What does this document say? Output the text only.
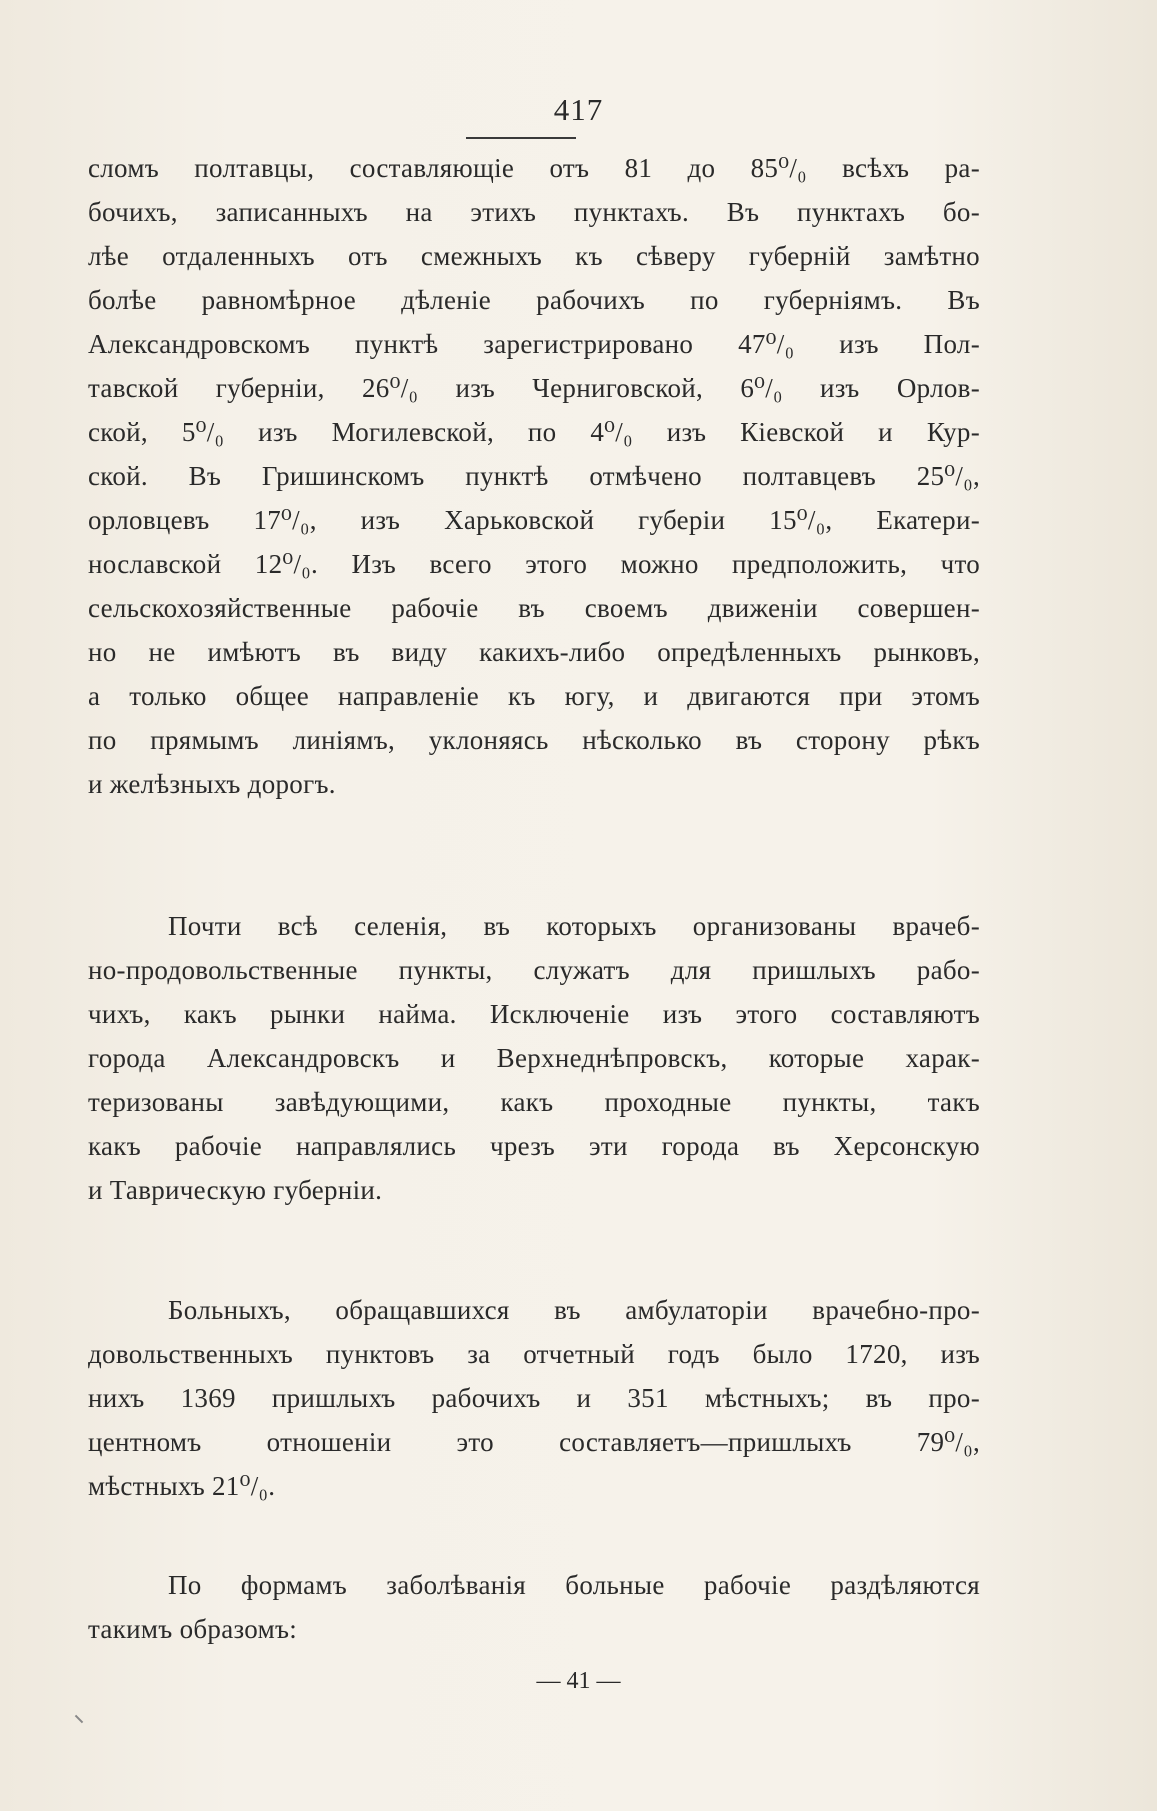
417
сломъ полтавцы, составляющіе отъ 81 до 85⁰/₀ всѣхъ ра-
бочихъ, записанныхъ на этихъ пунктахъ. Въ пунктахъ бо-
лѣе отдаленныхъ отъ смежныхъ къ сѣверу губерній замѣтно
болѣе равномѣрное дѣленіе рабочихъ по губерніямъ. Въ
Александровскомъ пунктѣ зарегистрировано 47⁰/₀ изъ Пол-
тавской губерніи, 26⁰/₀ изъ Черниговской, 6⁰/₀ изъ Орлов-
ской, 5⁰/₀ изъ Могилевской, по 4⁰/₀ изъ Кіевской и Кур-
ской. Въ Гришинскомъ пунктѣ отмѣчено полтавцевъ 25⁰/₀,
орловцевъ 17⁰/₀, изъ Харьковской губеріи 15⁰/₀, Екатери-
нославской 12⁰/₀. Изъ всего этого можно предположить, что
сельскохозяйственные рабочіе въ своемъ движеніи совершен-
но не имѣютъ въ виду какихъ-либо опредѣленныхъ рынковъ,
а только общее направленіе къ югу, и двигаются при этомъ
по прямымъ линіямъ, уклоняясь нѣсколько въ сторону рѣкъ
и желѣзныхъ дорогъ.
Почти всѣ селенія, въ которыхъ организованы врачеб-
но-продовольственные пункты, служатъ для пришлыхъ рабо-
чихъ, какъ рынки найма. Исключеніе изъ этого составляютъ
города Александровскъ и Верхнеднѣпровскъ, которые харак-
теризованы завѣдующими, какъ проходные пункты, такъ
какъ рабочіе направлялись чрезъ эти города въ Херсонскую
и Таврическую губерніи.
Больныхъ, обращавшихся въ амбулаторіи врачебно-про-
довольственныхъ пунктовъ за отчетный годъ было 1720, изъ
нихъ 1369 пришлыхъ рабочихъ и 351 мѣстныхъ; въ про-
центномъ отношеніи это составляетъ—пришлыхъ 79⁰/₀,
мѣстныхъ 21⁰/₀.
По формамъ заболѣванія больные рабочіе раздѣляются
такимъ образомъ:
— 41 —
